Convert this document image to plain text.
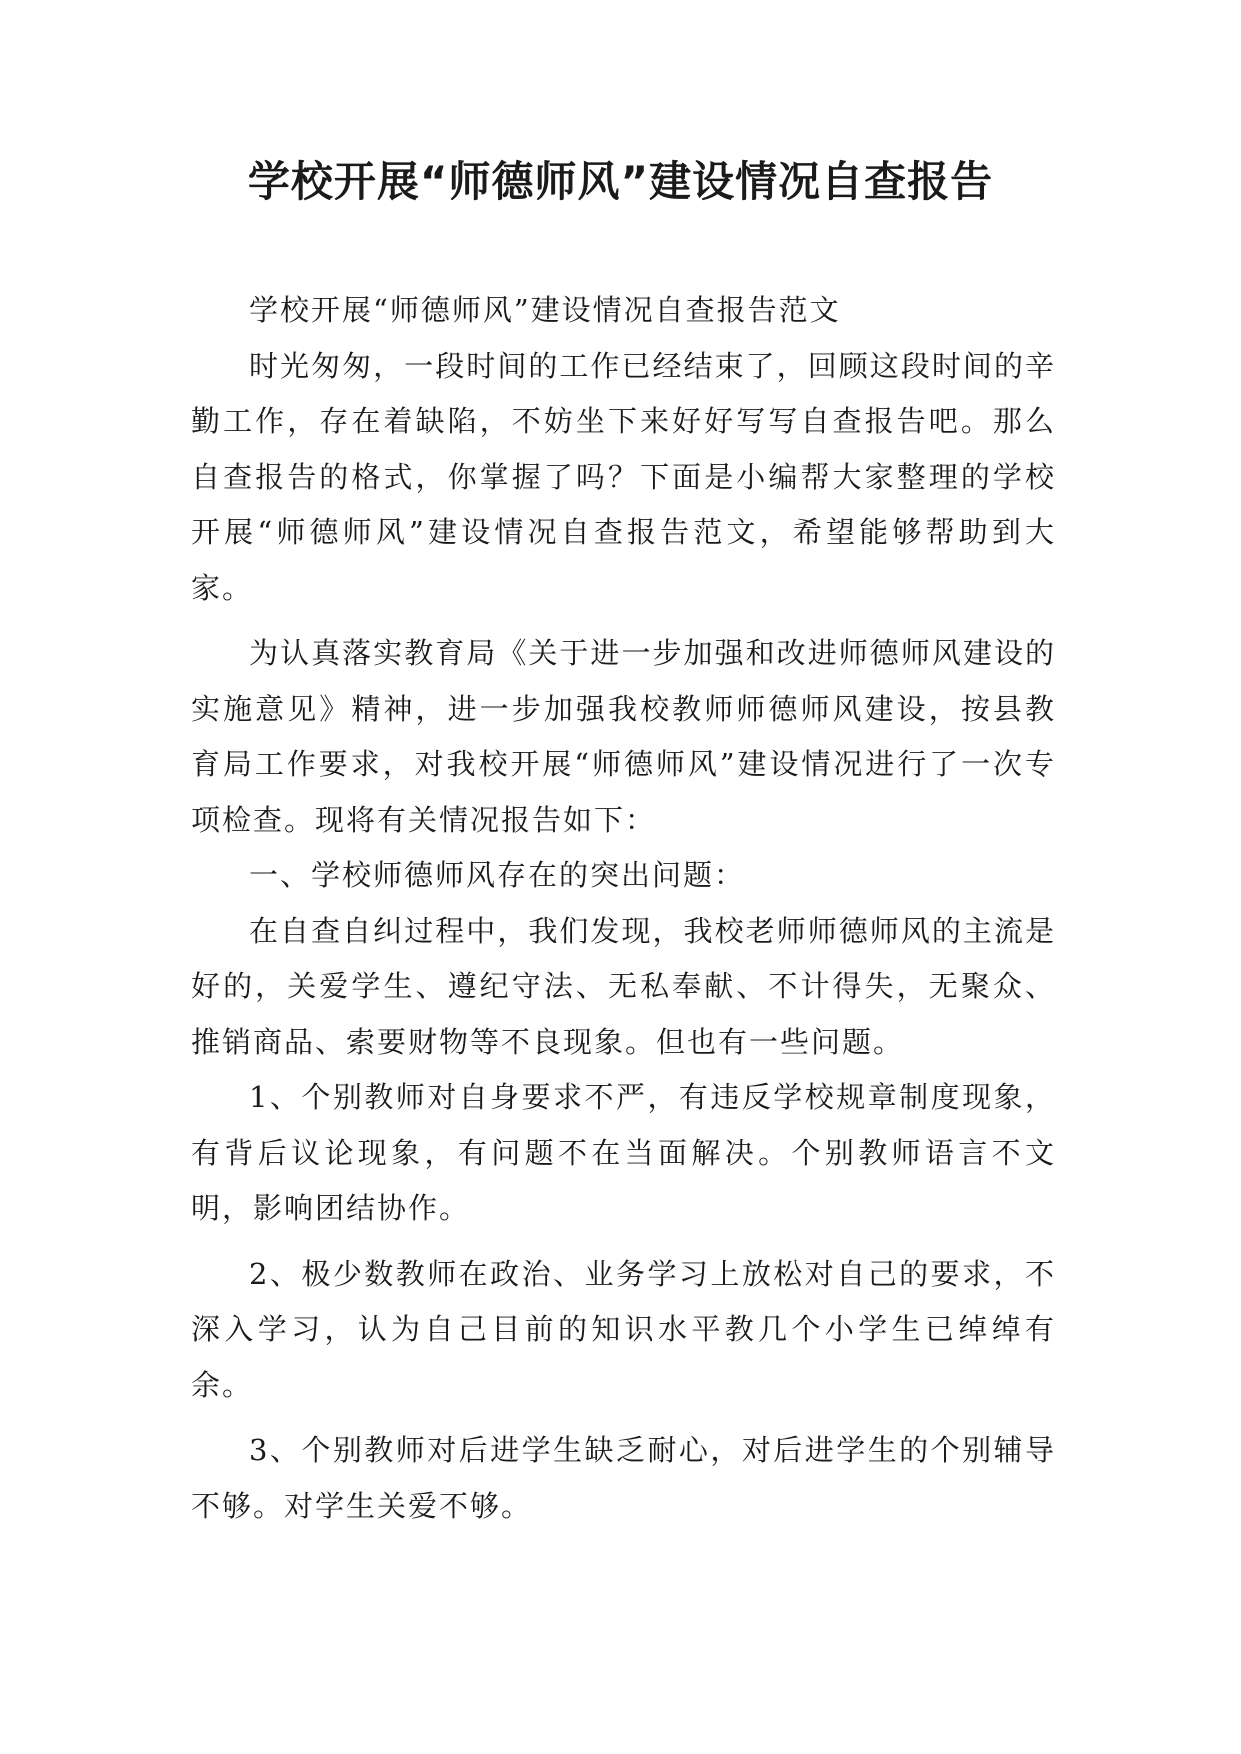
学校开展“师德师风”建设情况自查报告

学校开展“师德师风”建设情况自查报告范文

时光匆匆，一段时间的工作已经结束了，回顾这段时间的辛勤工作，存在着缺陷，不妨坐下来好好写写自查报告吧。那么自查报告的格式，你掌握了吗？下面是小编帮大家整理的学校开展“师德师风”建设情况自查报告范文，希望能够帮助到大家。

为认真落实教育局《关于进一步加强和改进师德师风建设的实施意见》精神，进一步加强我校教师师德师风建设，按县教育局工作要求，对我校开展“师德师风”建设情况进行了一次专项检查。现将有关情况报告如下：

一、学校师德师风存在的突出问题：

在自查自纠过程中，我们发现，我校老师师德师风的主流是好的，关爱学生、遵纪守法、无私奉献、不计得失，无聚众、推销商品、索要财物等不良现象。但也有一些问题。

1、个别教师对自身要求不严，有违反学校规章制度现象，有背后议论现象，有问题不在当面解决。个别教师语言不文明，影响团结协作。

2、极少数教师在政治、业务学习上放松对自己的要求，不深入学习，认为自己目前的知识水平教几个小学生已绰绰有余。

3、个别教师对后进学生缺乏耐心，对后进学生的个别辅导不够。对学生关爱不够。
